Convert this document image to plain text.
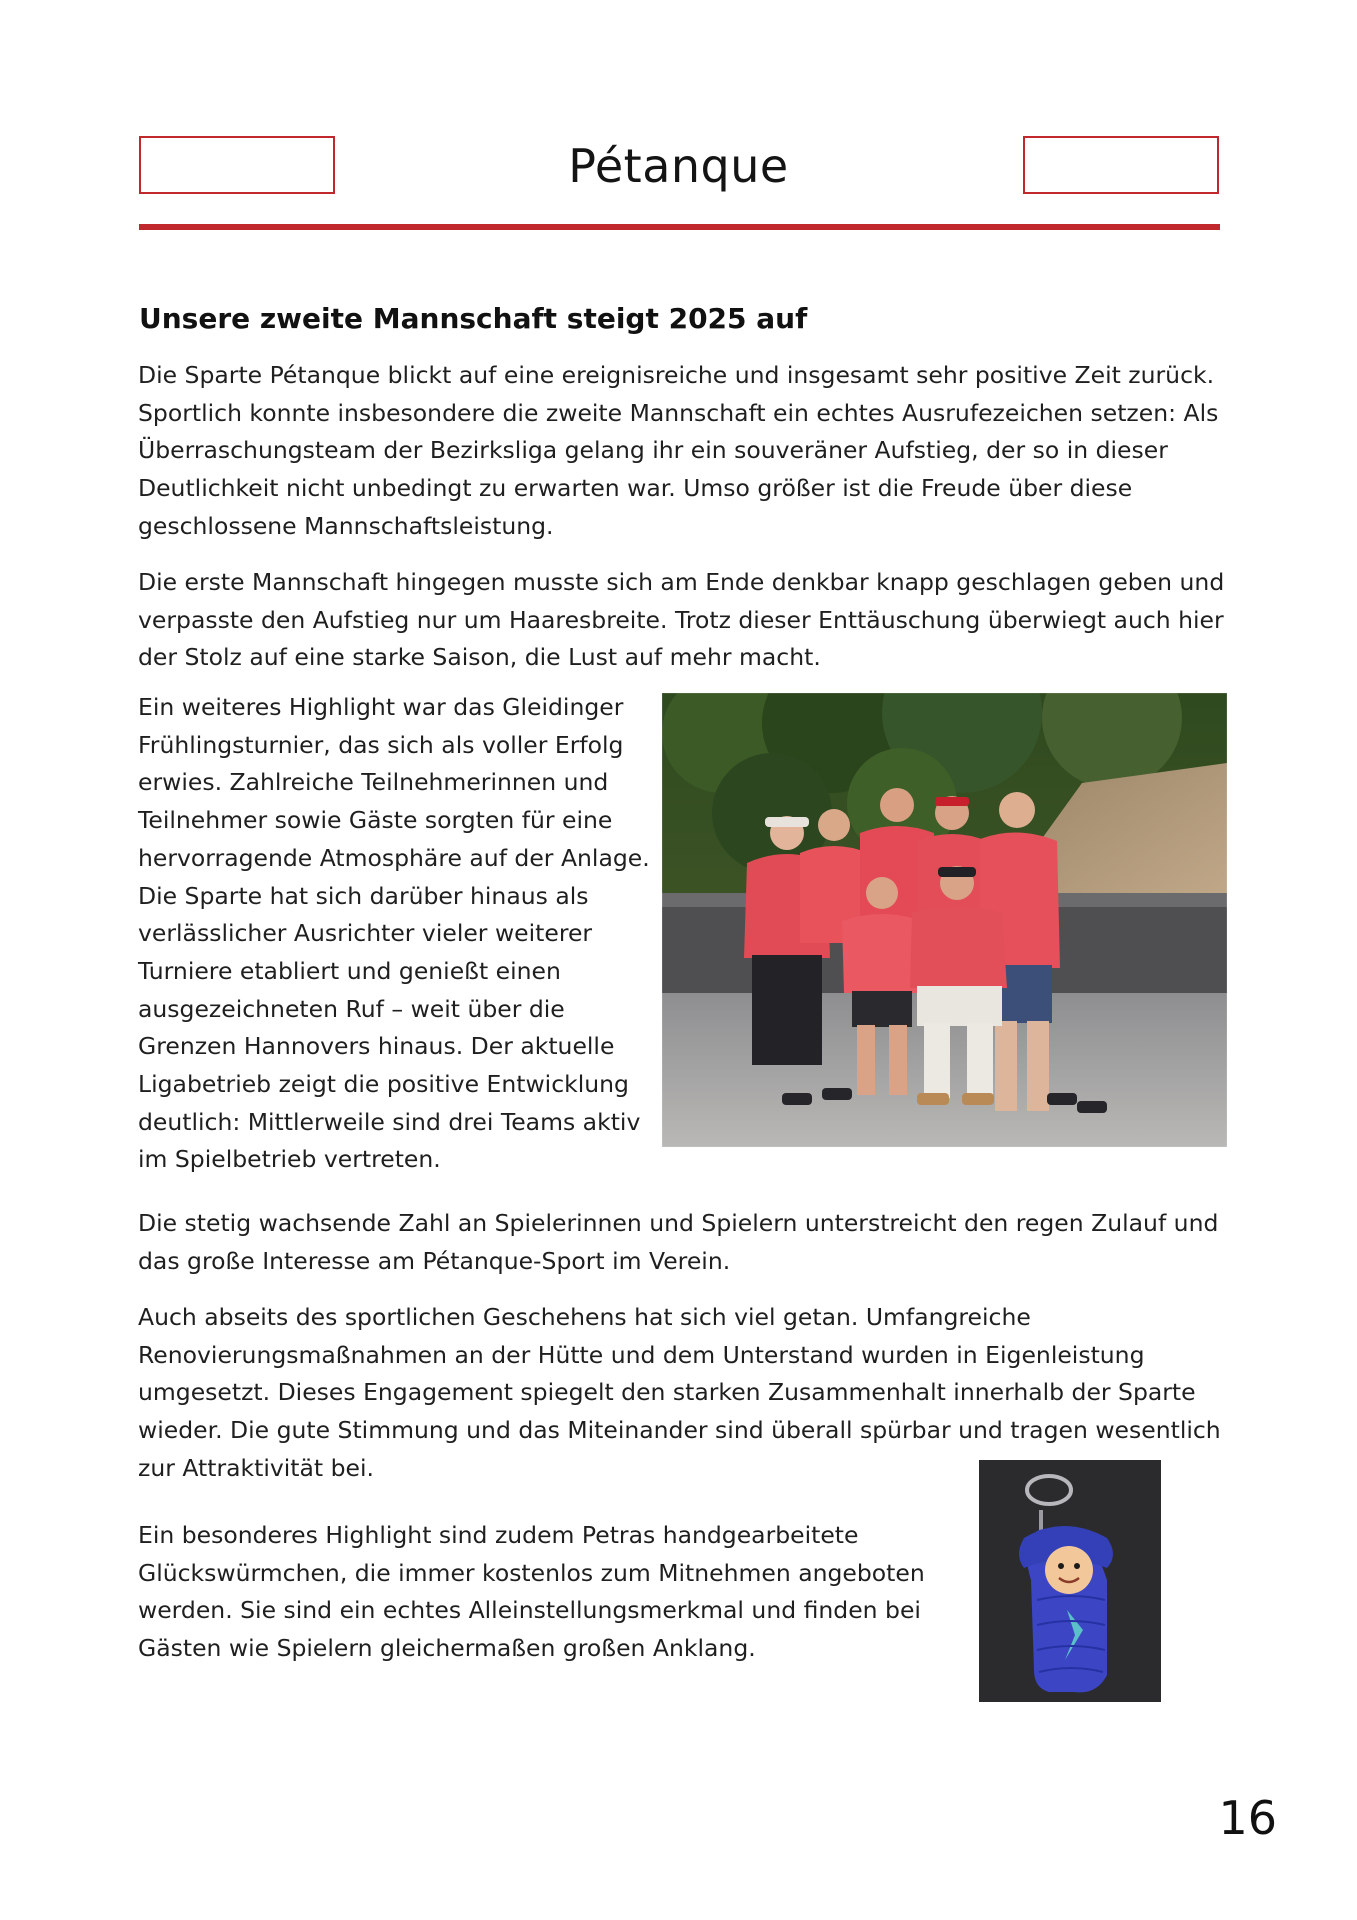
Pétanque
Unsere zweite Mannschaft steigt 2025 auf

Die Sparte Pétanque blickt auf eine ereignisreiche und insgesamt sehr positive Zeit zurück. Sportlich konnte insbesondere die zweite Mannschaft ein echtes Ausrufezeichen setzen: Als Überraschungsteam der Bezirksliga gelang ihr ein souveräner Aufstieg, der so in dieser Deutlichkeit nicht unbedingt zu erwarten war. Umso größer ist die Freude über diese geschlossene Mannschaftsleistung.

Die erste Mannschaft hingegen musste sich am Ende denkbar knapp geschlagen geben und verpasste den Aufstieg nur um Haaresbreite. Trotz dieser Enttäuschung überwiegt auch hier der Stolz auf eine starke Saison, die Lust auf mehr macht.

Ein weiteres Highlight war das Gleidinger Frühlingsturnier, das sich als voller Erfolg erwies. Zahlreiche Teilnehmerinnen und Teilnehmer sowie Gäste sorgten für eine hervorragende Atmosphäre auf der Anlage. Die Sparte hat sich darüber hinaus als verlässlicher Ausrichter vieler weiterer Turniere etabliert und genießt einen ausgezeichneten Ruf – weit über die Grenzen Hannovers hinaus. Der aktuelle Ligabetrieb zeigt die positive Entwicklung deutlich: Mittlerweile sind drei Teams aktiv im Spielbetrieb vertreten.

Die stetig wachsende Zahl an Spielerinnen und Spielern unterstreicht den regen Zulauf und das große Interesse am Pétanque-Sport im Verein.

Auch abseits des sportlichen Geschehens hat sich viel getan. Umfangreiche Renovierungsmaßnahmen an der Hütte und dem Unterstand wurden in Eigenleistung umgesetzt. Dieses Engagement spiegelt den starken Zusammenhalt innerhalb der Sparte wieder. Die gute Stimmung und das Miteinander sind überall spürbar und tragen wesentlich zur Attraktivität bei.

Ein besonderes Highlight sind zudem Petras handgearbeitete Glückswürmchen, die immer kostenlos zum Mitnehmen angeboten werden. Sie sind ein echtes Alleinstellungsmerkmal und finden bei Gästen wie Spielern gleichermaßen großen Anklang.

16
